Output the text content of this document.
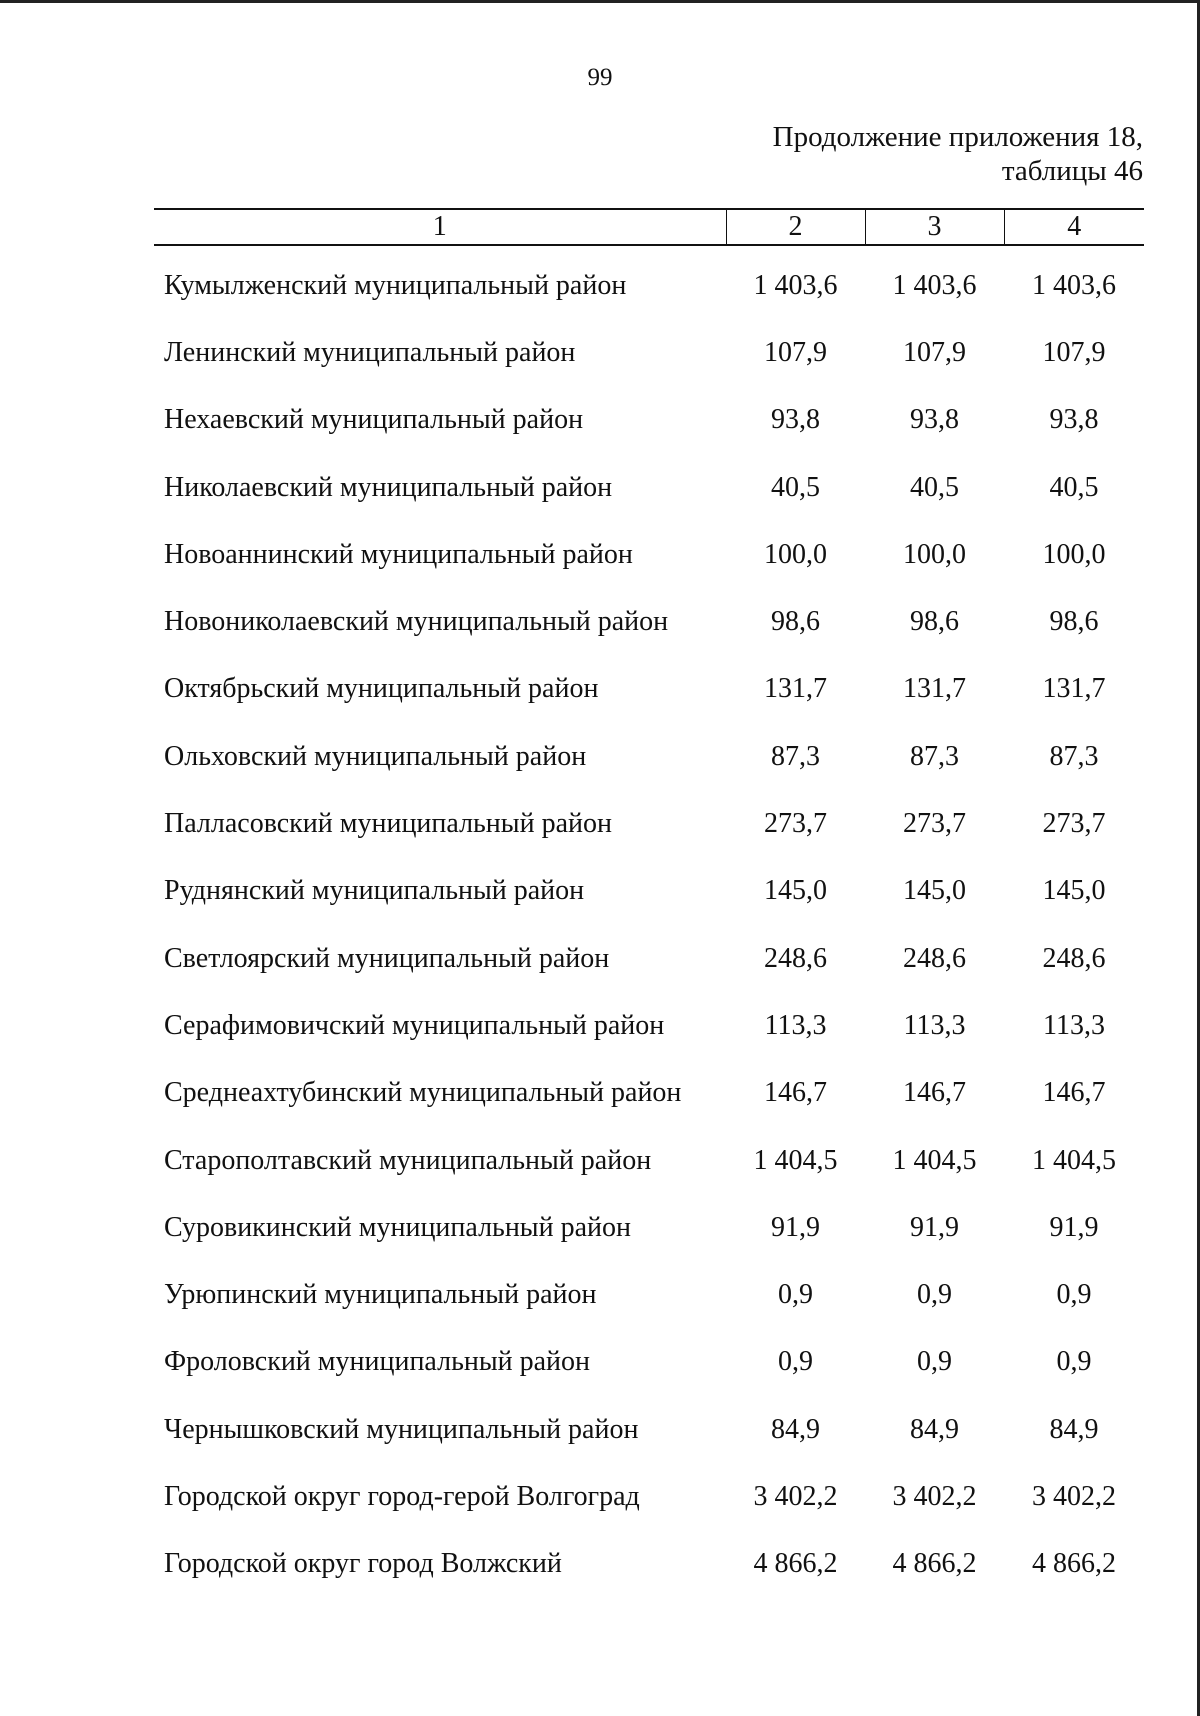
99
Продолжение приложения 18,
таблицы 46
1	2	3	4
Кумылженский муниципальный район	1 403,6	1 403,6	1 403,6
Ленинский муниципальный район	107,9	107,9	107,9
Нехаевский муниципальный район	93,8	93,8	93,8
Николаевский муниципальный район	40,5	40,5	40,5
Новоаннинский муниципальный район	100,0	100,0	100,0
Новониколаевский муниципальный район	98,6	98,6	98,6
Октябрьский муниципальный район	131,7	131,7	131,7
Ольховский муниципальный район	87,3	87,3	87,3
Палласовский муниципальный район	273,7	273,7	273,7
Руднянский муниципальный район	145,0	145,0	145,0
Светлоярский муниципальный район	248,6	248,6	248,6
Серафимовичский муниципальный район	113,3	113,3	113,3
Среднеахтубинский муниципальный район	146,7	146,7	146,7
Старополтавский муниципальный район	1 404,5	1 404,5	1 404,5
Суровикинский муниципальный район	91,9	91,9	91,9
Урюпинский муниципальный район	0,9	0,9	0,9
Фроловский муниципальный район	0,9	0,9	0,9
Чернышковский муниципальный район	84,9	84,9	84,9
Городской округ город-герой Волгоград	3 402,2	3 402,2	3 402,2
Городской округ город Волжский	4 866,2	4 866,2	4 866,2
